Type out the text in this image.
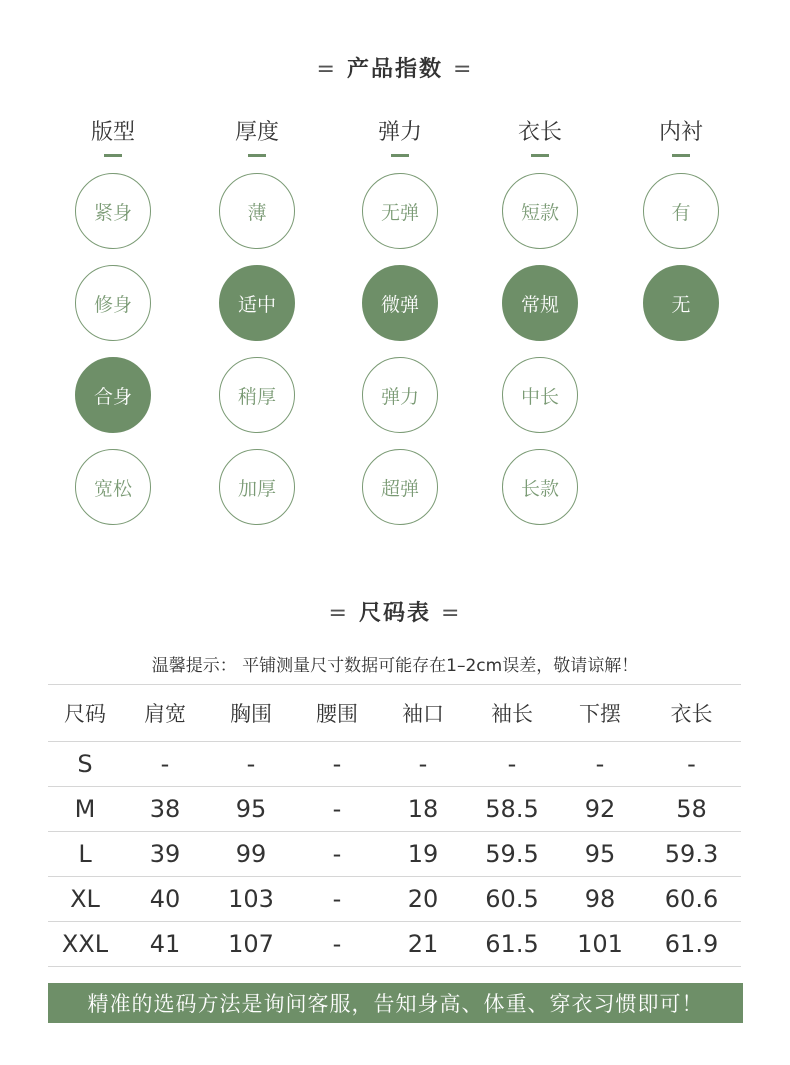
= 产品指数 =
版型
紧身
修身
合身
宽松
厚度
薄
适中
稍厚
加厚
弹力
无弹
微弹
弹力
超弹
衣长
短款
常规
中长
长款
内衬
有
无
= 尺码表 =
温馨提示： 平铺测量尺寸数据可能存在1–2cm误差，敬请谅解！
尺码	肩宽	胸围	腰围	袖口	袖长	下摆	衣长
S	-	-	-	-	-	-	-
M	38	95	-	18	58.5	92	58
L	39	99	-	19	59.5	95	59.3
XL	40	103	-	20	60.5	98	60.6
XXL	41	107	-	21	61.5	101	61.9
精准的选码方法是询问客服，告知身高、体重、穿衣习惯即可！
